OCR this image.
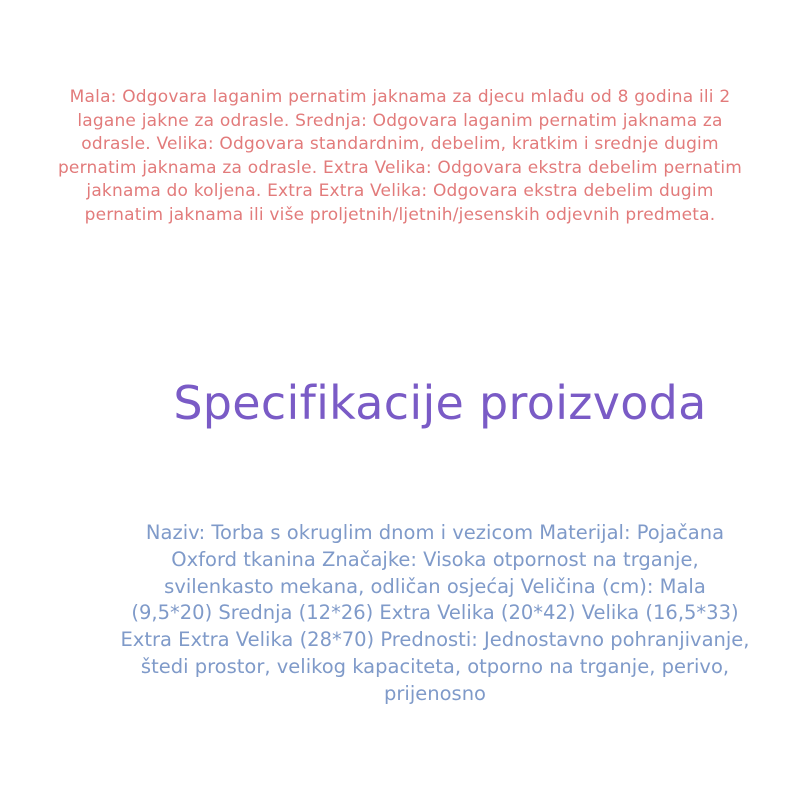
Mala: Odgovara laganim pernatim jaknama za djecu mlađu od 8 godina ili 2
lagane jakne za odrasle. Srednja: Odgovara laganim pernatim jaknama za
odrasle. Velika: Odgovara standardnim, debelim, kratkim i srednje dugim
pernatim jaknama za odrasle. Extra Velika: Odgovara ekstra debelim pernatim
jaknama do koljena. Extra Extra Velika: Odgovara ekstra debelim dugim
pernatim jaknama ili više proljetnih/ljetnih/jesenskih odjevnih predmeta.

Specifikacije proizvoda

Naziv: Torba s okruglim dnom i vezicom Materijal: Pojačana
Oxford tkanina Značajke: Visoka otpornost na trganje,
svilenkasto mekana, odličan osjećaj Veličina (cm): Mala
(9,5*20) Srednja (12*26) Extra Velika (20*42) Velika (16,5*33)
Extra Extra Velika (28*70) Prednosti: Jednostavno pohranjivanje,
štedi prostor, velikog kapaciteta, otporno na trganje, perivo,
prijenosno
